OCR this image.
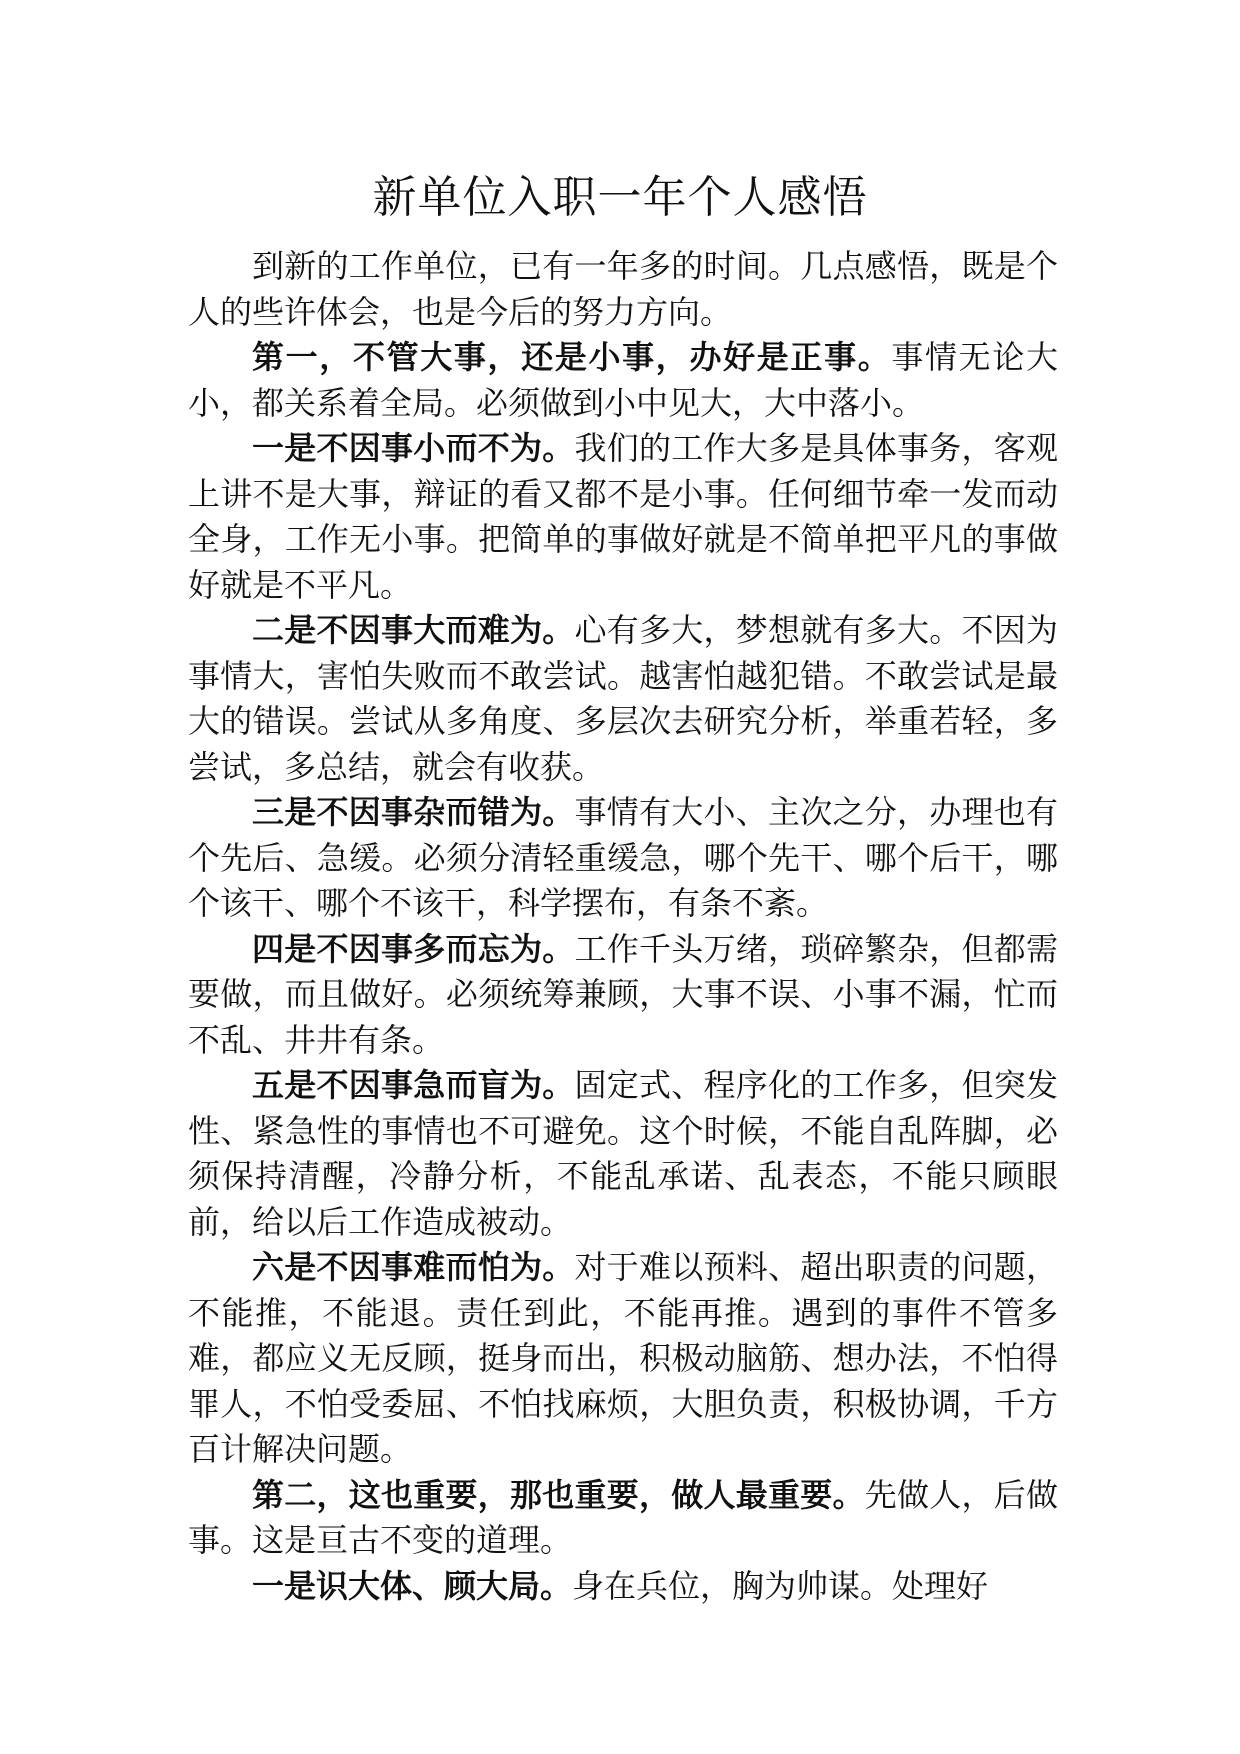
新单位入职一年个人感悟

到新的工作单位，已有一年多的时间。几点感悟，既是个人的些许体会，也是今后的努力方向。

第一，不管大事，还是小事，办好是正事。事情无论大小，都关系着全局。必须做到小中见大，大中落小。

一是不因事小而不为。我们的工作大多是具体事务，客观上讲不是大事，辩证的看又都不是小事。任何细节牵一发而动全身，工作无小事。把简单的事做好就是不简单把平凡的事做好就是不平凡。

二是不因事大而难为。心有多大，梦想就有多大。不因为事情大，害怕失败而不敢尝试。越害怕越犯错。不敢尝试是最大的错误。尝试从多角度、多层次去研究分析，举重若轻，多尝试，多总结，就会有收获。

三是不因事杂而错为。事情有大小、主次之分，办理也有个先后、急缓。必须分清轻重缓急，哪个先干、哪个后干，哪个该干、哪个不该干，科学摆布，有条不紊。

四是不因事多而忘为。工作千头万绪，琐碎繁杂，但都需要做，而且做好。必须统筹兼顾，大事不误、小事不漏，忙而不乱、井井有条。

五是不因事急而盲为。固定式、程序化的工作多，但突发性、紧急性的事情也不可避免。这个时候，不能自乱阵脚，必须保持清醒，冷静分析，不能乱承诺、乱表态，不能只顾眼前，给以后工作造成被动。

六是不因事难而怕为。对于难以预料、超出职责的问题，不能推，不能退。责任到此，不能再推。遇到的事件不管多难，都应义无反顾，挺身而出，积极动脑筋、想办法，不怕得罪人，不怕受委屈、不怕找麻烦，大胆负责，积极协调，千方百计解决问题。

第二，这也重要，那也重要，做人最重要。先做人，后做事。这是亘古不变的道理。

一是识大体、顾大局。身在兵位，胸为帅谋。处理好
